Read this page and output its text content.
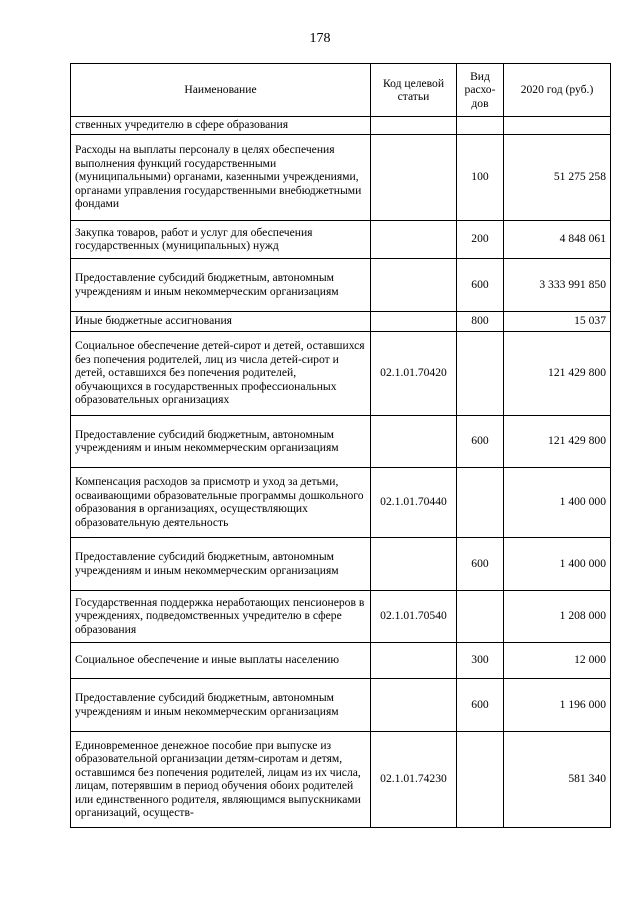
178
Наименование	Код целевой статьи	Вид расхо-дов	2020 год (руб.)
ственных учредителю в сфере образования			
Расходы на выплаты персоналу в целях обеспечения выполнения функций государственными (муниципальными) органами, казенными учреждениями, органами управления государственными внебюджетными фондами		100	51 275 258
Закупка товаров, работ и услуг для обеспечения государственных (муниципальных) нужд		200	4 848 061
Предоставление субсидий бюджетным, автономным учреждениям и иным некоммерческим организациям		600	3 333 991 850
Иные бюджетные ассигнования		800	15 037
Социальное обеспечение детей-сирот и детей, оставшихся без попечения родителей, лиц из числа детей-сирот и детей, оставшихся без попечения родителей, обучающихся в государственных профессиональных образовательных организациях	02.1.01.70420		121 429 800
Предоставление субсидий бюджетным, автономным учреждениям и иным некоммерческим организациям		600	121 429 800
Компенсация расходов за присмотр и уход за детьми, осваивающими образовательные программы дошкольного образования в организациях, осуществляющих образовательную деятельность	02.1.01.70440		1 400 000
Предоставление субсидий бюджетным, автономным учреждениям и иным некоммерческим организациям		600	1 400 000
Государственная поддержка неработающих пенсионеров в учреждениях, подведомственных учредителю в сфере образования	02.1.01.70540		1 208 000
Социальное обеспечение и иные выплаты населению		300	12 000
Предоставление субсидий бюджетным, автономным учреждениям и иным некоммерческим организациям		600	1 196 000
Единовременное денежное пособие при выпуске из образовательной организации детям-сиротам и детям, оставшимся без попечения родителей, лицам из их числа, лицам, потерявшим в период обучения обоих родителей или единственного родителя, являющимся выпускниками организаций, осуществ-	02.1.01.74230		581 340
